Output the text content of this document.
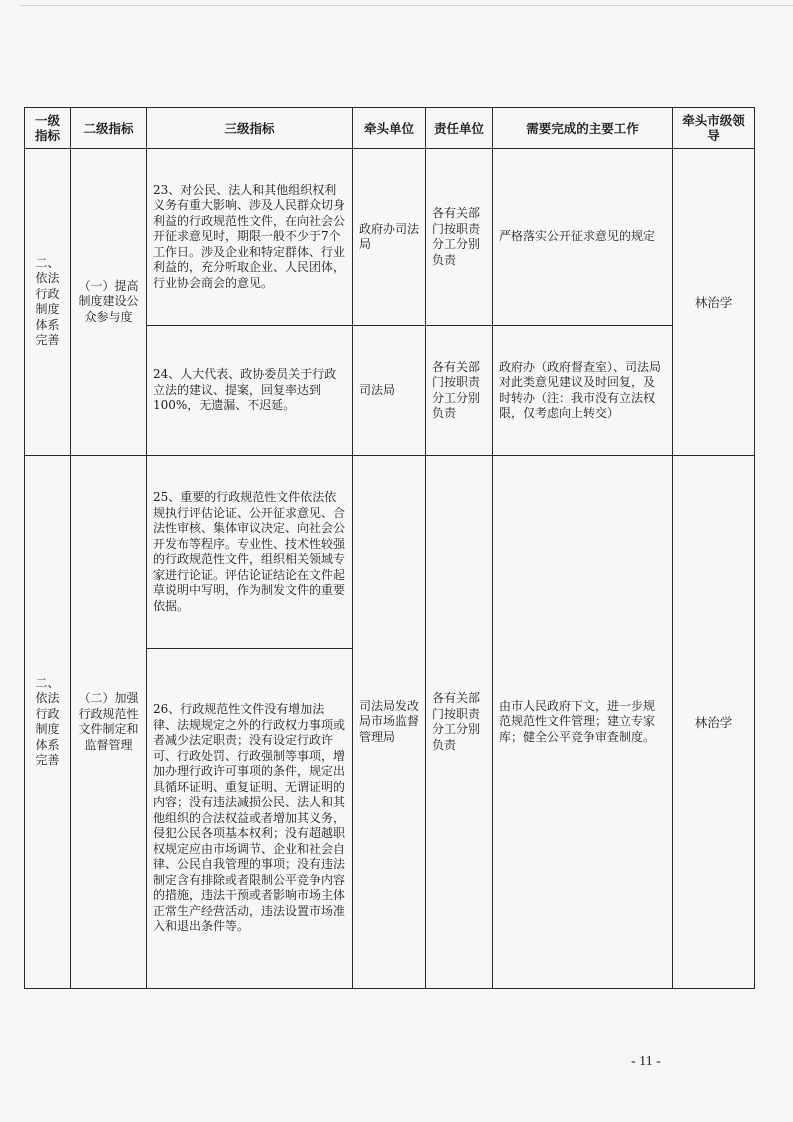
一级指标	二级指标	三级指标	牵头单位	责任单位	需要完成的主要工作	牵头市级领导
二、依法行政制度体系完善	（一）提高制度建设公众参与度	23、对公民、法人和其他组织权利义务有重大影响、涉及人民群众切身利益的行政规范性文件，在向社会公开征求意见时，期限一般不少于7个工作日。涉及企业和特定群体、行业利益的，充分听取企业、人民团体，行业协会商会的意见。	政府办司法局	各有关部门按职责分工分别负责	严格落实公开征求意见的规定	林治学
		24、人大代表、政协委员关于行政立法的建议、提案，回复率达到100%，无遗漏、不迟延。	司法局	各有关部门按职责分工分别负责	政府办（政府督查室）、司法局对此类意见建议及时回复，及时转办（注：我市没有立法权限，仅考虑向上转交）	
二、依法行政制度体系完善	（二）加强行政规范性文件制定和监督管理	25、重要的行政规范性文件依法依规执行评估论证、公开征求意见、合法性审核、集体审议决定、向社会公开发布等程序。专业性、技术性较强的行政规范性文件，组织相关领域专家进行论证。评估论证结论在文件起草说明中写明，作为制发文件的重要依据。	司法局发改局市场监督管理局	各有关部门按职责分工分别负责	由市人民政府下文，进一步规范规范性文件管理；建立专家库；健全公平竞争审查制度。	林治学
		26、行政规范性文件没有增加法律、法规规定之外的行政权力事项或者减少法定职责；没有设定行政许可、行政处罚、行政强制等事项，增加办理行政许可事项的条件，规定出具循环证明、重复证明、无谓证明的内容；没有违法减损公民、法人和其他组织的合法权益或者增加其义务，侵犯公民各项基本权利；没有超越职权规定应由市场调节、企业和社会自律、公民自我管理的事项；没有违法制定含有排除或者限制公平竞争内容的措施，违法干预或者影响市场主体正常生产经营活动，违法设置市场准入和退出条件等。				
- 11 -
